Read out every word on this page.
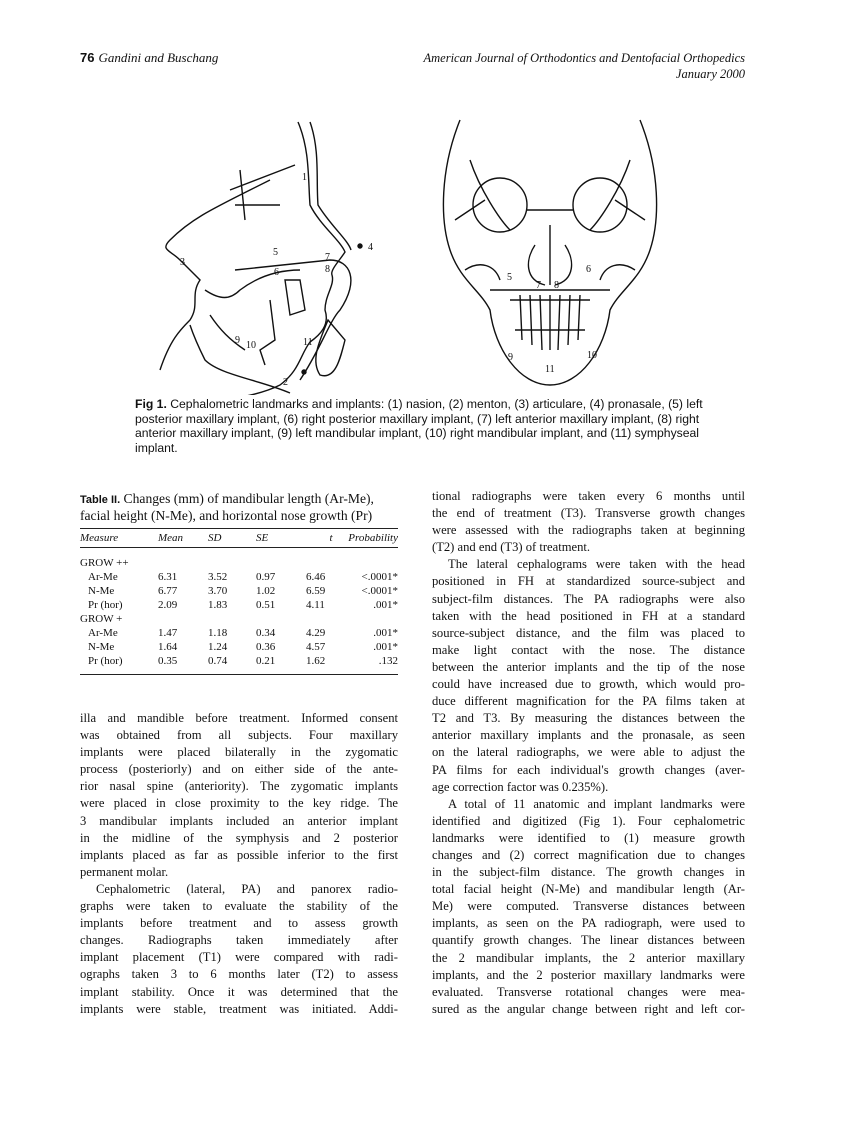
76 Gandini and Buschang	American Journal of Orthodontics and Dentofacial Orthopedics
January 2000
1
2
3
4
5
6
7
8
9 10	11
5
6
7 8
9	10
11
Fig 1. Cephalometric landmarks and implants: (1) nasion, (2) menton, (3) articulare, (4) pronasale, (5) left posterior maxillary implant, (6) right posterior maxillary implant, (7) left anterior maxillary implant, (8) right anterior maxillary implant, (9) left mandibular implant, (10) right mandibular implant, and (11) symphyseal implant.
Table II. Changes (mm) of mandibular length (Ar-Me), facial height (N-Me), and horizontal nose growth (Pr)
Measure	Mean	SD	SE	t	Probability
GROW ++
Ar-Me	6.31	3.52	0.97	6.46	<.0001*
N-Me	6.77	3.70	1.02	6.59	<.0001*
Pr (hor)	2.09	1.83	0.51	4.11	.001*
GROW +
Ar-Me	1.47	1.18	0.34	4.29	.001*
N-Me	1.64	1.24	0.36	4.57	.001*
Pr (hor)	0.35	0.74	0.21	1.62	.132
illa and mandible before treatment. Informed consent
was obtained from all subjects. Four maxillary
implants were placed bilaterally in the zygomatic
process (posteriorly) and on either side of the ante-
rior nasal spine (anteriority). The zygomatic implants
were placed in close proximity to the key ridge. The
3 mandibular implants included an anterior implant
in the midline of the symphysis and 2 posterior
implants placed as far as possible inferior to the first
permanent molar.
Cephalometric (lateral, PA) and panorex radio-
graphs were taken to evaluate the stability of the
implants before treatment and to assess growth
changes. Radiographs taken immediately after
implant placement (T1) were compared with radi-
ographs taken 3 to 6 months later (T2) to assess
implant stability. Once it was determined that the
implants were stable, treatment was initiated. Addi-
tional radiographs were taken every 6 months until
the end of treatment (T3). Transverse growth changes
were assessed with the radiographs taken at beginning
(T2) and end (T3) of treatment.
The lateral cephalograms were taken with the head
positioned in FH at standardized source-subject and
subject-film distances. The PA radiographs were also
taken with the head positioned in FH at a standard
source-subject distance, and the film was placed to
make light contact with the nose. The distance
between the anterior implants and the tip of the nose
could have increased due to growth, which would pro-
duce different magnification for the PA films taken at
T2 and T3. By measuring the distances between the
anterior maxillary implants and the pronasale, as seen
on the lateral radiographs, we were able to adjust the
PA films for each individual's growth changes (aver-
age correction factor was 0.235%).
A total of 11 anatomic and implant landmarks were
identified and digitized (Fig 1). Four cephalometric
landmarks were identified to (1) measure growth
changes and (2) correct magnification due to changes
in the subject-film distance. The growth changes in
total facial height (N-Me) and mandibular length (Ar-
Me) were computed. Transverse distances between
implants, as seen on the PA radiograph, were used to
quantify growth changes. The linear distances between
the 2 mandibular implants, the 2 anterior maxillary
implants, and the 2 posterior maxillary landmarks were
evaluated. Transverse rotational changes were mea-
sured as the angular change between right and left cor-
